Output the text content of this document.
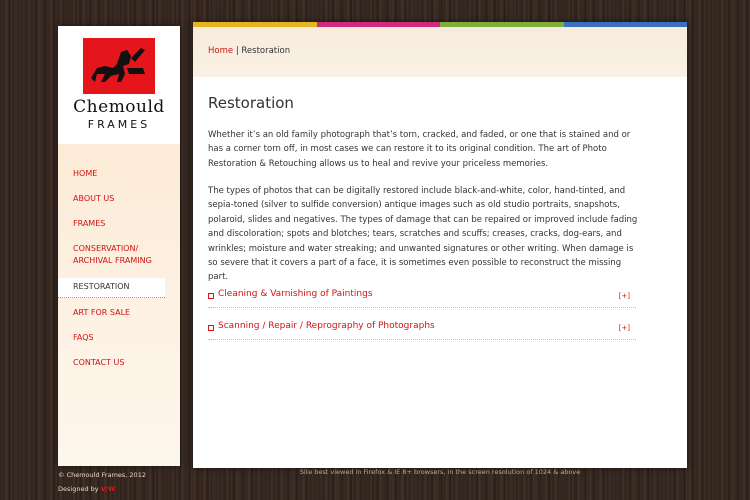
Chemould
FRAMES
HOME
ABOUT US
FRAMES
CONSERVATION/ ARCHIVAL FRAMING
RESTORATION
ART FOR SALE
FAQS
CONTACT US
Home | Restoration
Restoration

Whether it’s an old family photograph that’s torn, cracked, and faded, or one that is stained and or has a corner torn off, in most cases we can restore it to its original condition. The art of Photo Restoration & Retouching allows us to heal and revive your priceless memories.

The types of photos that can be digitally restored include black-and-white, color, hand-tinted, and sepia-toned (silver to sulfide conversion) antique images such as old studio portraits, snapshots, polaroid, slides and negatives. The types of damage that can be repaired or improved include fading and discoloration; spots and blotches; tears, scratches and scuffs; creases, cracks, dog-ears, and wrinkles; moisture and water streaking; and unwanted signatures or other writing. When damage is so severe that it covers a part of a face, it is sometimes even possible to reconstruct the missing part.

Cleaning & Varnishing of Paintings	[+]
Scanning / Repair / Reprography of Photographs	[+]
© Chemould Frames, 2012
Designed by V/W
Site best viewed in Firefox & IE 8+ browsers, in the screen resolution of 1024 & above
